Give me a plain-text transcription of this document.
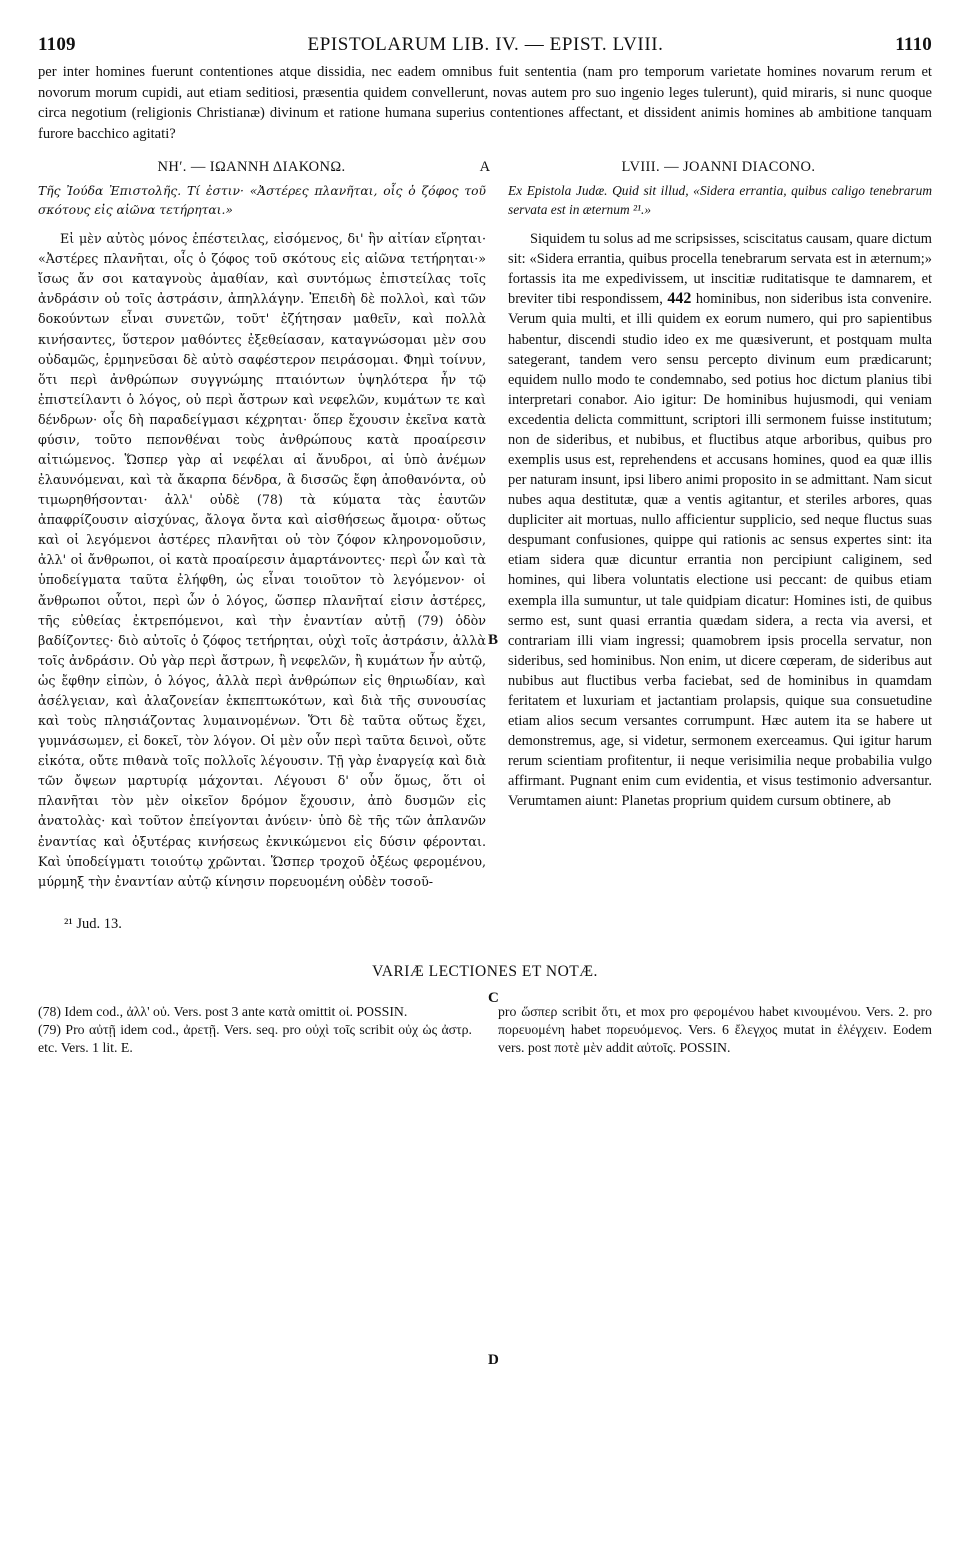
1109	EPISTOLARUM LIB. IV. — EPIST. LVIII.	1110

per inter homines fuerunt contentiones atque dissidia, nec eadem omnibus fuit sententia (nam pro temporum varietate homines novarum rerum et novorum morum cupidi, aut etiam seditiosi, præsentia quidem convellerunt, novas autem pro suo ingenio leges tulerunt), quid miraris, si nunc quoque circa negotium (religionis Christianæ) divinum et ratione humana superius contentiones affectant, et dissident animis homines ab ambitione tanquam furore bacchico agitati?

ΝΗʹ. — ΙΩΑΝΝΗ ΔΙΑΚΟΝΩ.	A	LVIII. — JOANNI DIACONO.

Τῆς Ἰούδα Ἐπιστολῆς. Τί ἐστιν· «Ἀστέρες πλανῆται, οἷς ὁ ζόφος τοῦ σκότους εἰς αἰῶνα τετήρηται.»

Εἰ μὲν αὐτὸς μόνος ἐπέστειλας, εἰσόμενος, δι' ἣν αἰτίαν εἴρηται· «Ἀστέρες πλανῆται, οἷς ὁ ζόφος τοῦ σκότους εἰς αἰῶνα τετήρηται·» ἴσως ἄν σοι καταγνοὺς ἀμαθίαν, καὶ συντόμως ἐπιστείλας τοῖς ἀνδράσιν οὐ τοῖς ἀστράσιν, ἀπηλλάγην. Ἐπειδὴ δὲ πολλοὶ, καὶ τῶν δοκούντων εἶναι συνετῶν, τοῦτ' ἐζήτησαν μαθεῖν, καὶ πολλὰ κινήσαντες, ὕστερον μαθόντες ἐξεθείασαν, καταγνώσομαι μὲν σου οὐδαμῶς, ἑρμηνεῦσαι δὲ αὐτὸ σαφέστερον πειράσομαι. Φημὶ τοίνυν, ὅτι περὶ ἀνθρώπων συγγνώμης πταιόντων ὑψηλότερα ἦν τῷ ἐπιστείλαντι ὁ λόγος, οὐ περὶ ἄστρων καὶ νεφελῶν, κυμάτων τε καὶ δένδρων· οἷς δὴ παραδείγμασι κέχρηται· ὅπερ ἔχουσιν ἐκεῖνα κατὰ φύσιν, τοῦτο πεπονθέναι τοὺς ἀνθρώπους κατὰ προαίρεσιν αἰτιώμενος. Ὥσπερ γὰρ αἱ νεφέλαι αἱ ἄνυδροι, αἱ ὑπὸ ἀνέμων ἐλαυνόμεναι, καὶ τὰ ἄκαρπα δένδρα, ἃ δισσῶς ἔφη ἀποθανόντα, οὐ τιμωρηθήσονται· ἀλλ' οὐδὲ (78) τὰ κύματα τὰς ἑαυτῶν ἀπαφρίζουσιν αἰσχύνας, ἄλογα ὄντα καὶ αἰσθήσεως ἄμοιρα· οὕτως καὶ οἱ λεγόμενοι ἀστέρες πλανῆται οὐ τὸν ζόφον κληρονομοῦσιν, ἀλλ' οἱ ἄνθρωποι, οἱ κατὰ προαίρεσιν ἁμαρτάνοντες· περὶ ὧν καὶ τὰ ὑποδείγματα ταῦτα ἐλήφθη, ὡς εἶναι τοιοῦτον τὸ λεγόμενον· οἱ ἄνθρωποι οὗτοι, περὶ ὧν ὁ λόγος, ὥσπερ πλανῆταί εἰσιν ἀστέρες, τῆς εὐθείας ἐκτρεπόμενοι, καὶ τὴν ἐναντίαν αὐτῇ (79) ὁδὸν βαδίζοντες· διὸ αὐτοῖς ὁ ζόφος τετήρηται, οὐχὶ τοῖς ἀστράσιν, ἀλλὰ τοῖς ἀνδράσιν. Οὐ γὰρ περὶ ἄστρων, ἢ νεφελῶν, ἢ κυμάτων ἦν αὐτῷ, ὡς ἔφθην εἰπὼν, ὁ λόγος, ἀλλὰ περὶ ἀνθρώπων εἰς θηριωδίαν, καὶ ἀσέλγειαν, καὶ ἀλαζονείαν ἐκπεπτωκότων, καὶ διὰ τῆς συνουσίας καὶ τοὺς πλησιάζοντας λυμαινομένων. Ὅτι δὲ ταῦτα οὕτως ἔχει, γυμνάσωμεν, εἰ δοκεῖ, τὸν λόγον. Οἱ μὲν οὖν περὶ ταῦτα δεινοὶ, οὔτε εἰκότα, οὔτε πιθανὰ τοῖς πολλοῖς λέγουσιν. Τῇ γὰρ ἐναργείᾳ καὶ διὰ τῶν ὄψεων μαρτυρίᾳ μάχονται. Λέγουσι δ' οὖν ὅμως, ὅτι οἱ πλανῆται τὸν μὲν οἰκεῖον δρόμον ἔχουσιν, ἀπὸ δυσμῶν εἰς ἀνατολὰς· καὶ τοῦτον ἐπείγονται ἀνύειν· ὑπὸ δὲ τῆς τῶν ἀπλανῶν ἐναντίας καὶ ὀξυτέρας κινήσεως ἐκνικώμενοι εἰς δύσιν φέρονται. Καὶ ὑποδείγματι τοιούτῳ χρῶνται. Ὥσπερ τροχοῦ ὀξέως φερομένου, μύρμηξ τὴν ἐναντίαν αὐτῷ κίνησιν πορευομένη οὐδὲν τοσοῦ-

B
C
D

Ex Epistola Judæ. Quid sit illud, «Sidera errantia, quibus caligo tenebrarum servata est in æternum ²¹.»

Siquidem tu solus ad me scripsisses, sciscitatus causam, quare dictum sit: «Sidera errantia, quibus procella tenebrarum servata est in æternum;» fortassis ita me expedivissem, ut inscitiæ ruditatisque te damnarem, et breviter tibi respondissem, 442 hominibus, non sideribus ista convenire. Verum quia multi, et illi quidem ex eorum numero, qui pro sapientibus habentur, discendi studio ideo ex me quæsiverunt, et postquam multa sategerant, tandem vero sensu percepto divinum eum prædicarunt; equidem nullo modo te condemnabo, sed potius hoc dictum planius tibi interpretari conabor. Aio igitur: De hominibus hujusmodi, qui veniam excedentia delicta committunt, scriptori illi sermonem fuisse institutum; non de sideribus, et nubibus, et fluctibus atque arboribus, quibus pro exemplis usus est, reprehendens et accusans homines, quod ea quæ illis per naturam insunt, ipsi libero animi proposito in se admittant. Nam sicut nubes aqua destitutæ, quæ a ventis agitantur, et steriles arbores, quas dupliciter ait mortuas, nullo afficientur supplicio, sed neque fluctus suas despumant confusiones, quippe qui rationis ac sensus expertes sint: ita etiam sidera quæ dicuntur errantia non percipiunt caliginem, sed homines, qui libera voluntatis electione usi peccant: de quibus etiam exempla illa sumuntur, ut tale quidpiam dicatur: Homines isti, de quibus sermo est, sunt quasi errantia quædam sidera, a recta via aversi, et contrariam illi viam ingressi; quamobrem ipsis procella servatur, non sideribus, sed hominibus. Non enim, ut dicere cœperam, de sideribus aut nubibus aut fluctibus verba faciebat, sed de hominibus in quamdam feritatem et luxuriam et jactantiam prolapsis, quique sua consuetudine etiam alios secum versantes corrumpunt. Hæc autem ita se habere ut demonstremus, age, si videtur, sermonem exerceamus. Qui igitur harum rerum scientiam profitentur, ii neque verisimilia neque probabilia vulgo affirmant. Pugnant enim cum evidentia, et visus testimonio adversantur. Verumtamen aiunt: Planetas proprium quidem cursum obtinere, ab

²¹ Jud. 13.
VARIÆ LECTIONES ET NOTÆ.

(78) Idem cod., ἀλλ' οὐ. Vers. post 3 ante κατὰ omittit οἱ. POSSIN.

(79) Pro αὐτῇ idem cod., ἀρετῇ. Vers. seq. pro οὐχὶ τοῖς scribit οὐχ ὡς ἀστρ. etc. Vers. 1 lit. E.

pro ὥσπερ scribit ὅτι, et mox pro φερομένου habet κινουμένου. Vers. 2. pro πορευομένη habet πορευόμενος. Vers. 6 ἔλεγχος mutat in ἐλέγχειν. Eodem vers. post ποτὲ μὲν addit αὐτοῖς. POSSIN.
